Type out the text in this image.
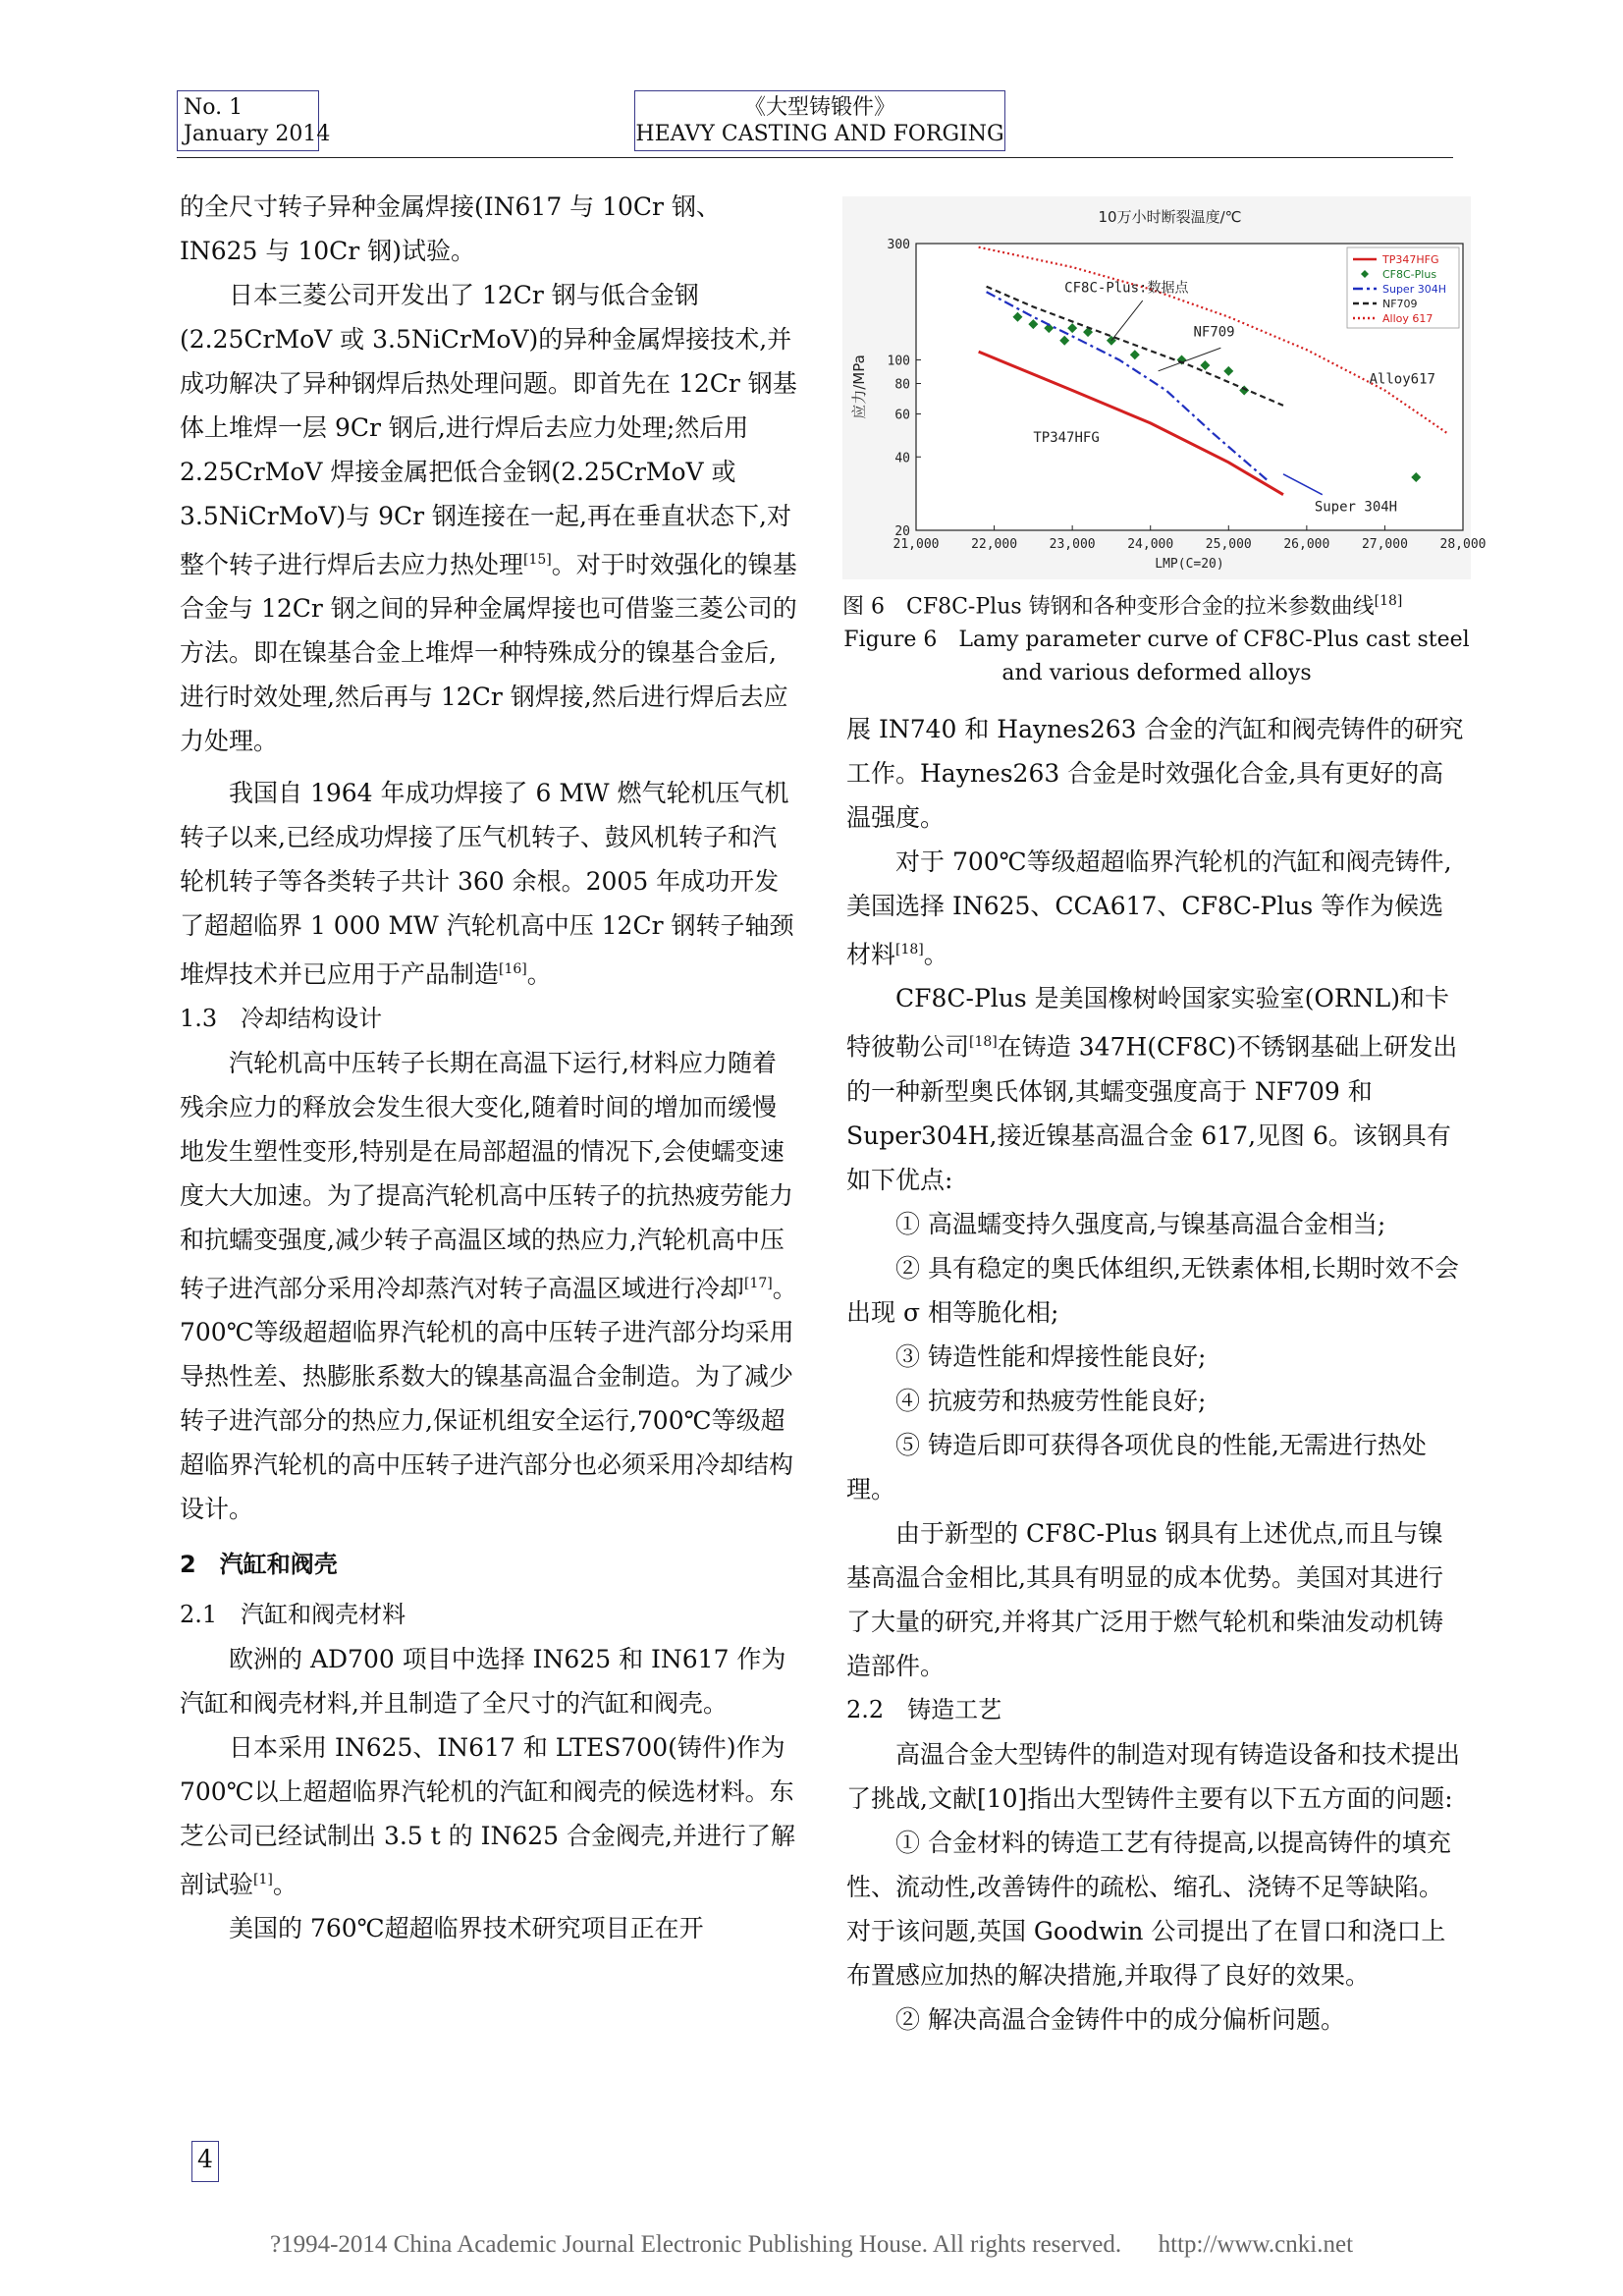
No. 1
January 2014
《大型铸锻件》
HEAVY CASTING AND FORGING

的全尺寸转子异种金属焊接(IN617 与 10Cr 钢、IN625 与 10Cr 钢)试验。

日本三菱公司开发出了 12Cr 钢与低合金钢(2.25CrMoV 或 3.5NiCrMoV)的异种金属焊接技术,并成功解决了异种钢焊后热处理问题。即首先在 12Cr 钢基体上堆焊一层 9Cr 钢后,进行焊后去应力处理;然后用 2.25CrMoV 焊接金属把低合金钢(2.25CrMoV 或 3.5NiCrMoV)与 9Cr 钢连接在一起,再在垂直状态下,对整个转子进行焊后去应力热处理[15]。对于时效强化的镍基合金与 12Cr 钢之间的异种金属焊接也可借鉴三菱公司的方法。即在镍基合金上堆焊一种特殊成分的镍基合金后,进行时效处理,然后再与 12Cr 钢焊接,然后进行焊后去应力处理。

我国自 1964 年成功焊接了 6 MW 燃气轮机压气机转子以来,已经成功焊接了压气机转子、鼓风机转子和汽轮机转子等各类转子共计 360 余根。2005 年成功开发了超超临界 1 000 MW 汽轮机高中压 12Cr 钢转子轴颈堆焊技术并已应用于产品制造[16]。

1.3　冷却结构设计

汽轮机高中压转子长期在高温下运行,材料应力随着残余应力的释放会发生很大变化,随着时间的增加而缓慢地发生塑性变形,特别是在局部超温的情况下,会使蠕变速度大大加速。为了提高汽轮机高中压转子的抗热疲劳能力和抗蠕变强度,减少转子高温区域的热应力,汽轮机高中压转子进汽部分采用冷却蒸汽对转子高温区域进行冷却[17]。700℃等级超超临界汽轮机的高中压转子进汽部分均采用导热性差、热膨胀系数大的镍基高温合金制造。为了减少转子进汽部分的热应力,保证机组安全运行,700℃等级超超临界汽轮机的高中压转子进汽部分也必须采用冷却结构设计。

2　汽缸和阀壳

2.1　汽缸和阀壳材料

欧洲的 AD700 项目中选择 IN625 和 IN617 作为汽缸和阀壳材料,并且制造了全尺寸的汽缸和阀壳。

日本采用 IN625、IN617 和 LTES700(铸件)作为 700℃以上超超临界汽轮机的汽缸和阀壳的候选材料。东芝公司已经试制出 3.5 t 的 IN625 合金阀壳,并进行了解剖试验[1]。

美国的 760℃超超临界技术研究项目正在开

4
21,000	22,000	23,000	24,000	25,000	26,000	27,000	28,000
20
40
60
80
100
300
LMP(C=20)
应力/MPa
10万小时断裂温度/℃
TP347HFG
CF8C-Plus
Super 304H
NF709
Alloy 617
CF8C-Plus:数据点
NF709
Alloy617
TP347HFG
Super 304H
图 6　CF8C-Plus 铸钢和各种变形合金的拉米参数曲线[18]
Figure 6　 Lamy parameter curve of CF8C-Plus cast steel
and various deformed alloys

展 IN740 和 Haynes263 合金的汽缸和阀壳铸件的研究工作。Haynes263 合金是时效强化合金,具有更好的高温强度。

对于 700℃等级超超临界汽轮机的汽缸和阀壳铸件,美国选择 IN625、CCA617、CF8C-Plus 等作为候选材料[18]。

CF8C-Plus 是美国橡树岭国家实验室(ORNL)和卡特彼勒公司[18]在铸造 347H(CF8C)不锈钢基础上研发出的一种新型奥氏体钢,其蠕变强度高于 NF709 和 Super304H,接近镍基高温合金 617,见图 6。该钢具有如下优点:

① 高温蠕变持久强度高,与镍基高温合金相当;

② 具有稳定的奥氏体组织,无铁素体相,长期时效不会出现 σ 相等脆化相;

③ 铸造性能和焊接性能良好;

④ 抗疲劳和热疲劳性能良好;

⑤ 铸造后即可获得各项优良的性能,无需进行热处理。

由于新型的 CF8C-Plus 钢具有上述优点,而且与镍基高温合金相比,其具有明显的成本优势。美国对其进行了大量的研究,并将其广泛用于燃气轮机和柴油发动机铸造部件。

2.2　铸造工艺

高温合金大型铸件的制造对现有铸造设备和技术提出了挑战,文献[10]指出大型铸件主要有以下五方面的问题:

① 合金材料的铸造工艺有待提高,以提高铸件的填充性、流动性,改善铸件的疏松、缩孔、浇铸不足等缺陷。对于该问题,英国 Goodwin 公司提出了在冒口和浇口上布置感应加热的解决措施,并取得了良好的效果。

② 解决高温合金铸件中的成分偏析问题。

?1994-2014 China Academic Journal Electronic Publishing House. All rights reserved. http://www.cnki.net
